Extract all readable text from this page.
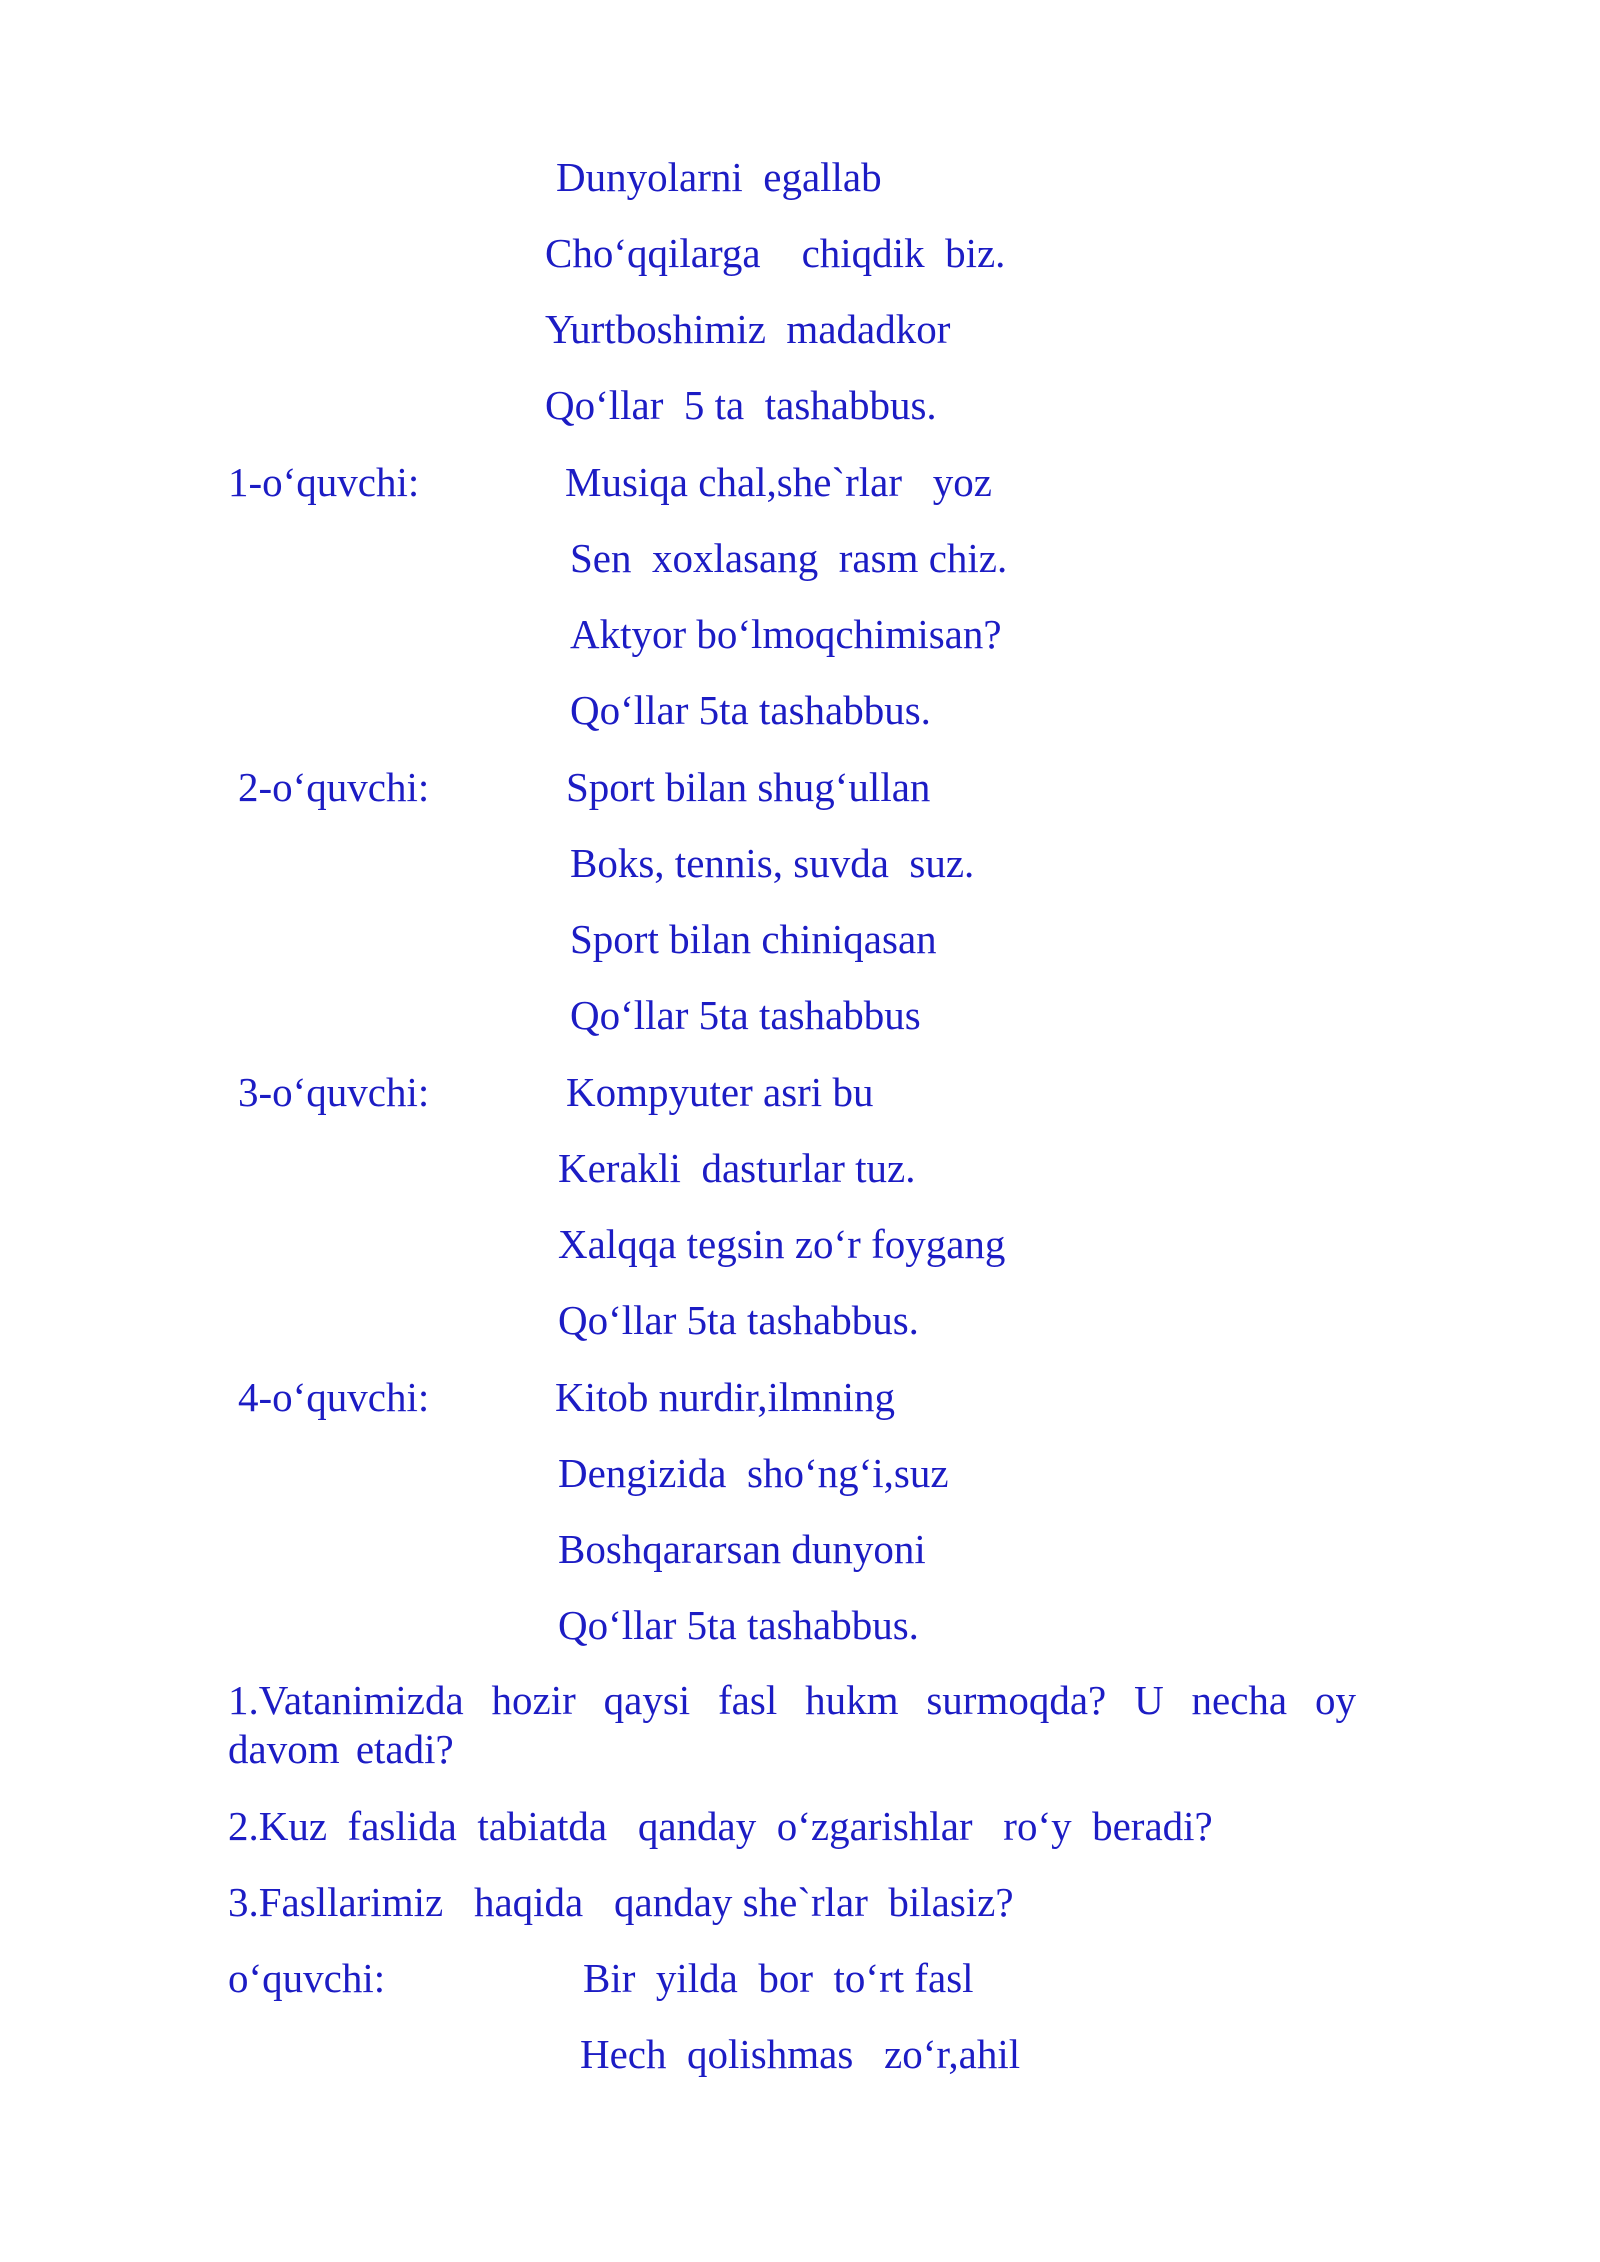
Dunyolarni  egallab
Cho‘qqilarga    chiqdik  biz.
Yurtboshimiz  madadkor
Qo‘llar  5 ta  tashabbus.
1-o‘quvchi:	Musiqa chal,she`rlar   yoz
Sen  xoxlasang  rasm chiz.
Aktyor bo‘lmoqchimisan?
Qo‘llar 5ta tashabbus.
2-o‘quvchi:	Sport bilan shug‘ullan
Boks, tennis, suvda  suz.
Sport bilan chiniqasan
Qo‘llar 5ta tashabbus
3-o‘quvchi:	Kompyuter asri bu
Kerakli  dasturlar tuz.
Xalqqa tegsin zo‘r foygang
Qo‘llar 5ta tashabbus.
4-o‘quvchi:	Kitob nurdir,ilmning
Dengizida  sho‘ng‘i,suz
Boshqararsan dunyoni
Qo‘llar 5ta tashabbus.
1.Vatanimizda hozir qaysi fasl hukm surmoqda? U necha oy davom etadi?
2.Kuz  faslida  tabiatda   qanday  o‘zgarishlar   ro‘y  beradi?
3.Fasllarimiz   haqida   qanday she`rlar  bilasiz?
o‘quvchi:	Bir  yilda  bor  to‘rt fasl
Hech  qolishmas   zo‘r,ahil
